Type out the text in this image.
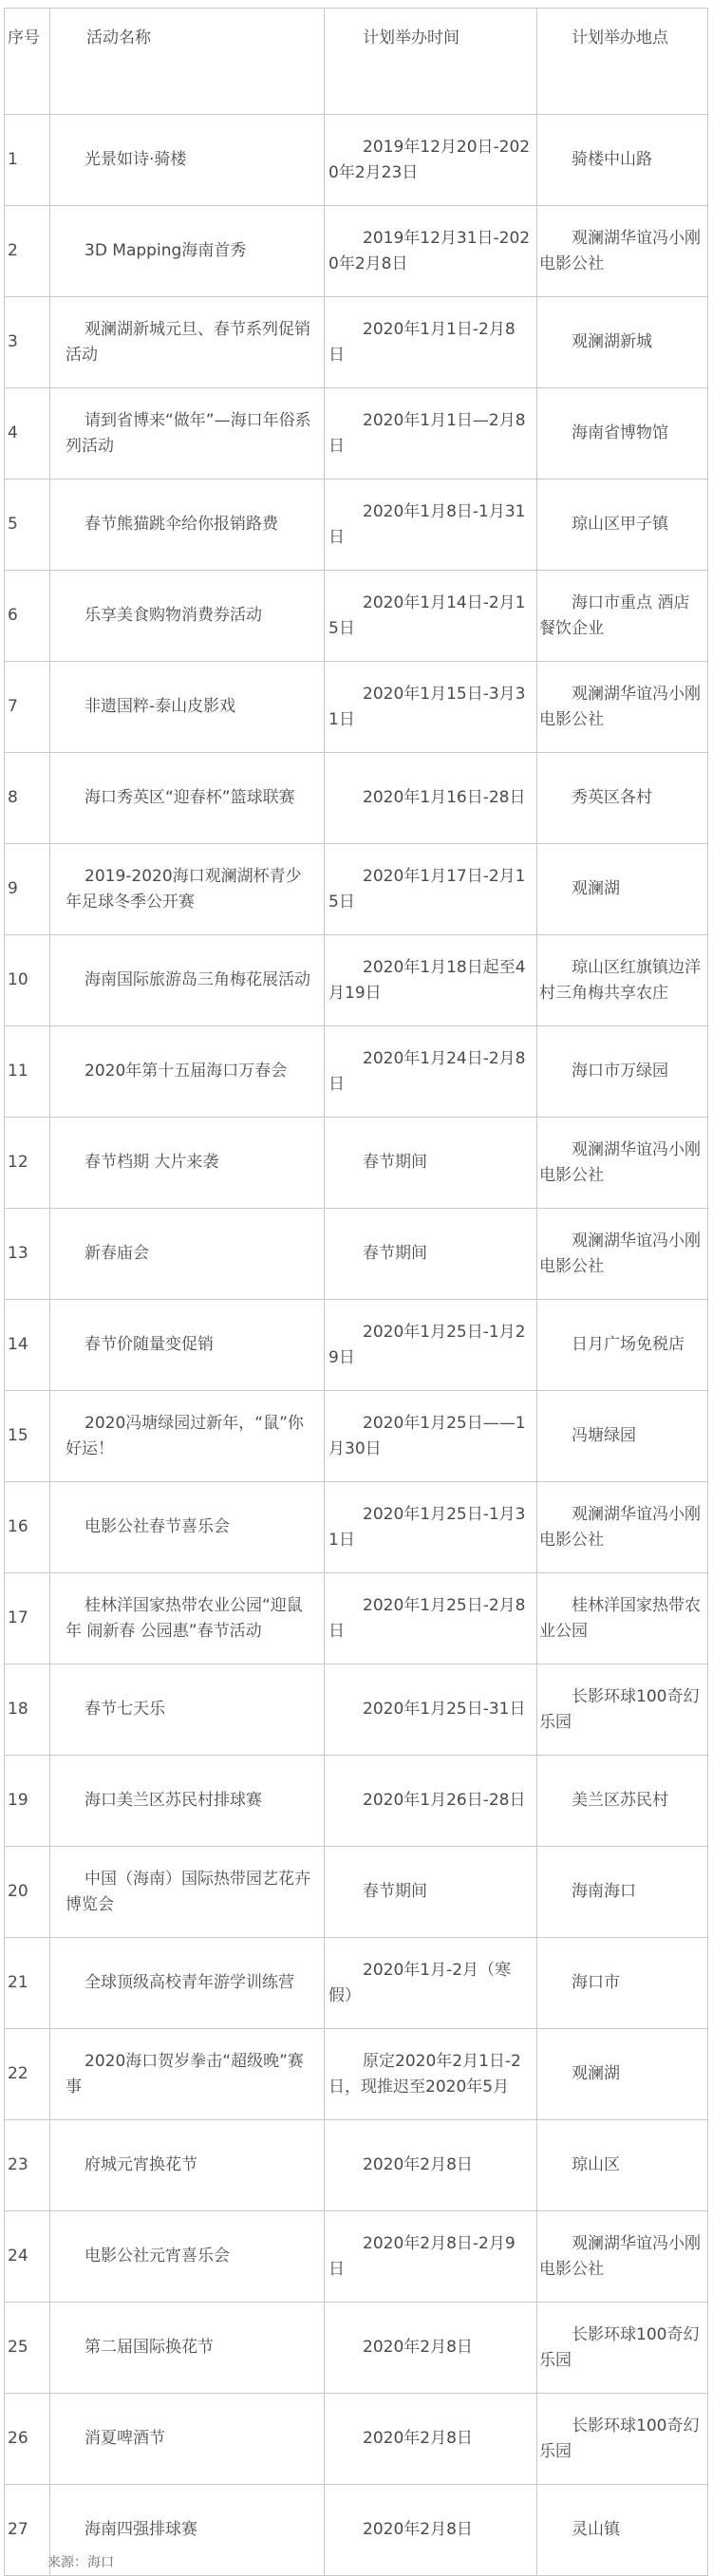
序号	活动名称	计划举办时间	计划举办地点
1	光景如诗·骑楼	2019年12月20日-2020年2月23日	骑楼中山路
2	3D Mapping海南首秀	2019年12月31日-2020年2月8日	观澜湖华谊冯小刚电影公社
3	观澜湖新城元旦、春节系列促销活动	2020年1月1日-2月8日	观澜湖新城
4	请到省博来“做年”—海口年俗系列活动	2020年1月1日—2月8日	海南省博物馆
5	春节熊猫跳伞给你报销路费	2020年1月8日-1月31日	琼山区甲子镇
6	乐享美食购物消费券活动	2020年1月14日-2月15日	海口市重点 酒店 餐饮企业
7	非遗国粹-泰山皮影戏	2020年1月15日-3月31日	观澜湖华谊冯小刚电影公社
8	海口秀英区“迎春杯”篮球联赛	2020年1月16日-28日	秀英区各村
9	2019-2020海口观澜湖杯青少年足球冬季公开赛	2020年1月17日-2月15日	观澜湖
10	海南国际旅游岛三角梅花展活动	2020年1月18日起至4月19日	琼山区红旗镇边洋村三角梅共享农庄
11	2020年第十五届海口万春会	2020年1月24日-2月8日	海口市万绿园
12	春节档期 大片来袭	春节期间	观澜湖华谊冯小刚电影公社
13	新春庙会	春节期间	观澜湖华谊冯小刚电影公社
14	春节价随量变促销	2020年1月25日-1月29日	日月广场免税店
15	2020冯塘绿园过新年，“鼠”你好运！	2020年1月25日——1月30日	冯塘绿园
16	电影公社春节喜乐会	2020年1月25日-1月31日	观澜湖华谊冯小刚电影公社
17	桂林洋国家热带农业公园“迎鼠年 闹新春 公园惠”春节活动	2020年1月25日-2月8日	桂林洋国家热带农业公园
18	春节七天乐	2020年1月25日-31日	长影环球100奇幻乐园
19	海口美兰区苏民村排球赛	2020年1月26日-28日	美兰区苏民村
20	中国（海南）国际热带园艺花卉博览会	春节期间	海南海口
21	全球顶级高校青年游学训练营	2020年1月-2月（寒假）	海口市
22	2020海口贺岁拳击“超级晚”赛事	原定2020年2月1日-2日，现推迟至2020年5月	观澜湖
23	府城元宵换花节	2020年2月8日	琼山区
24	电影公社元宵喜乐会	2020年2月8日-2月9日	观澜湖华谊冯小刚电影公社
25	第二届国际换花节	2020年2月8日	长影环球100奇幻乐园
26	消夏啤酒节	2020年2月8日	长影环球100奇幻乐园
27	海南四强排球赛	2020年2月8日	灵山镇
来源：海口
